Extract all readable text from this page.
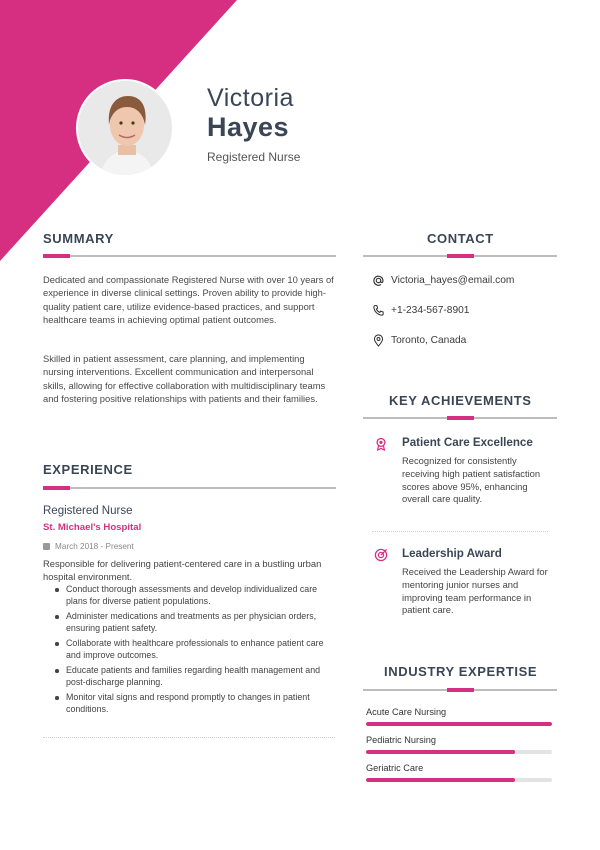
Victoria
Hayes
Registered Nurse
SUMMARY
Dedicated and compassionate Registered Nurse with over 10 years of experience in diverse clinical settings. Proven ability to provide high-quality patient care, utilize evidence-based practices, and support healthcare teams in achieving optimal patient outcomes.
Skilled in patient assessment, care planning, and implementing nursing interventions. Excellent communication and interpersonal skills, allowing for effective collaboration with multidisciplinary teams and fostering positive relationships with patients and their families.
EXPERIENCE
Registered Nurse
St. Michael's Hospital
March 2018 - Present
Responsible for delivering patient-centered care in a bustling urban hospital environment.
Conduct thorough assessments and develop individualized care plans for diverse patient populations.
Administer medications and treatments as per physician orders, ensuring patient safety.
Collaborate with healthcare professionals to enhance patient care and improve outcomes.
Educate patients and families regarding health management and post-discharge planning.
Monitor vital signs and respond promptly to changes in patient conditions.
CONTACT
Victoria_hayes@email.com
+1-234-567-8901
Toronto, Canada
KEY ACHIEVEMENTS
Patient Care Excellence
Recognized for consistently receiving high patient satisfaction scores above 95%, enhancing overall care quality.
Leadership Award
Received the Leadership Award for mentoring junior nurses and improving team performance in patient care.
INDUSTRY EXPERTISE
Acute Care Nursing
Pediatric Nursing
Geriatric Care
